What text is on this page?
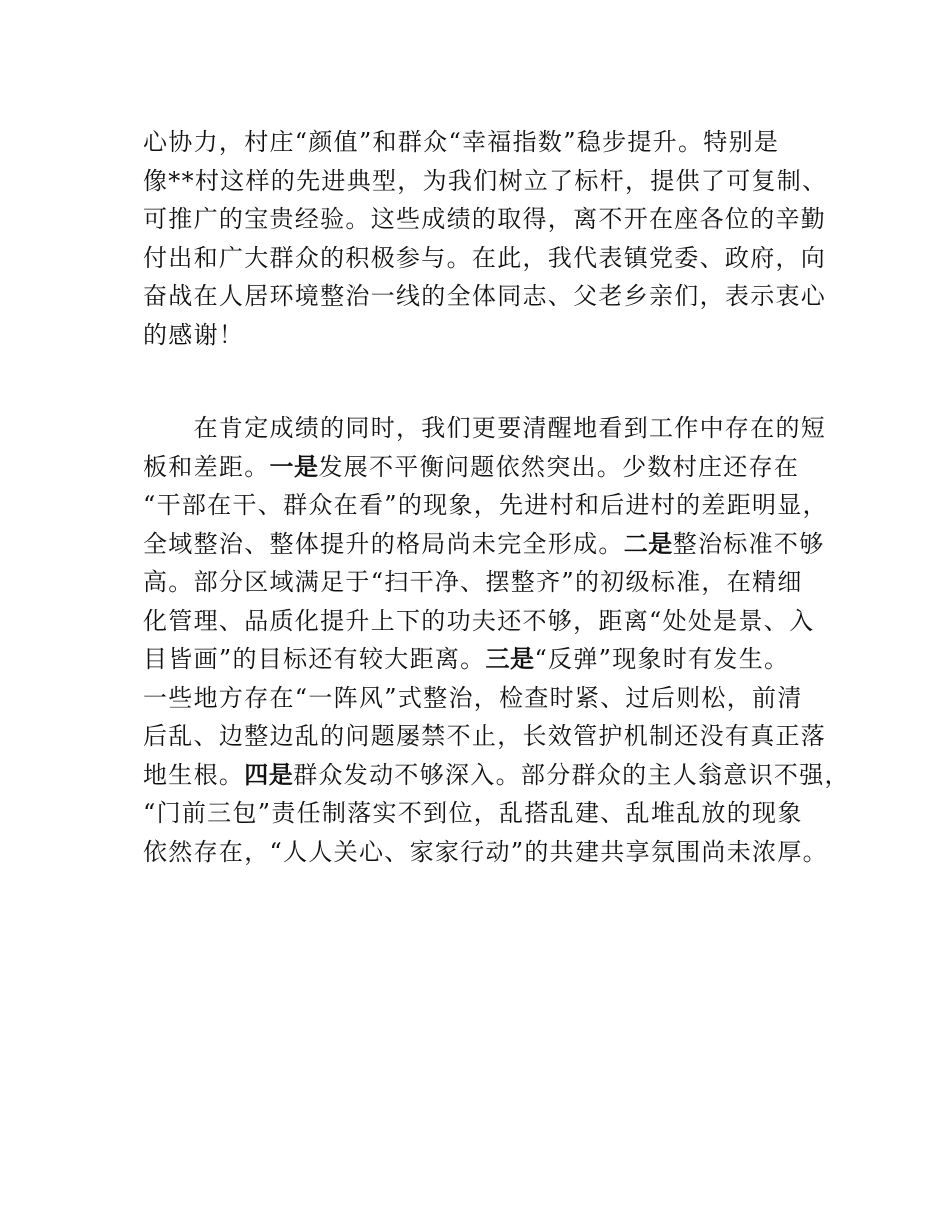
心协力，村庄“颜值”和群众“幸福指数”稳步提升。特别是
像**村这样的先进典型，为我们树立了标杆，提供了可复制、
可推广的宝贵经验。这些成绩的取得，离不开在座各位的辛勤
付出和广大群众的积极参与。在此，我代表镇党委、政府，向
奋战在人居环境整治一线的全体同志、父老乡亲们，表示衷心
的感谢！
　　在肯定成绩的同时，我们更要清醒地看到工作中存在的短
板和差距。一是发展不平衡问题依然突出。少数村庄还存在
“干部在干、群众在看”的现象，先进村和后进村的差距明显，
全域整治、整体提升的格局尚未完全形成。二是整治标准不够
高。部分区域满足于“扫干净、摆整齐”的初级标准，在精细
化管理、品质化提升上下的功夫还不够，距离“处处是景、入
目皆画”的目标还有较大距离。三是“反弹”现象时有发生。
一些地方存在“一阵风”式整治，检查时紧、过后则松，前清
后乱、边整边乱的问题屡禁不止，长效管护机制还没有真正落
地生根。四是群众发动不够深入。部分群众的主人翁意识不强，
“门前三包”责任制落实不到位，乱搭乱建、乱堆乱放的现象
依然存在，“人人关心、家家行动”的共建共享氛围尚未浓厚。
